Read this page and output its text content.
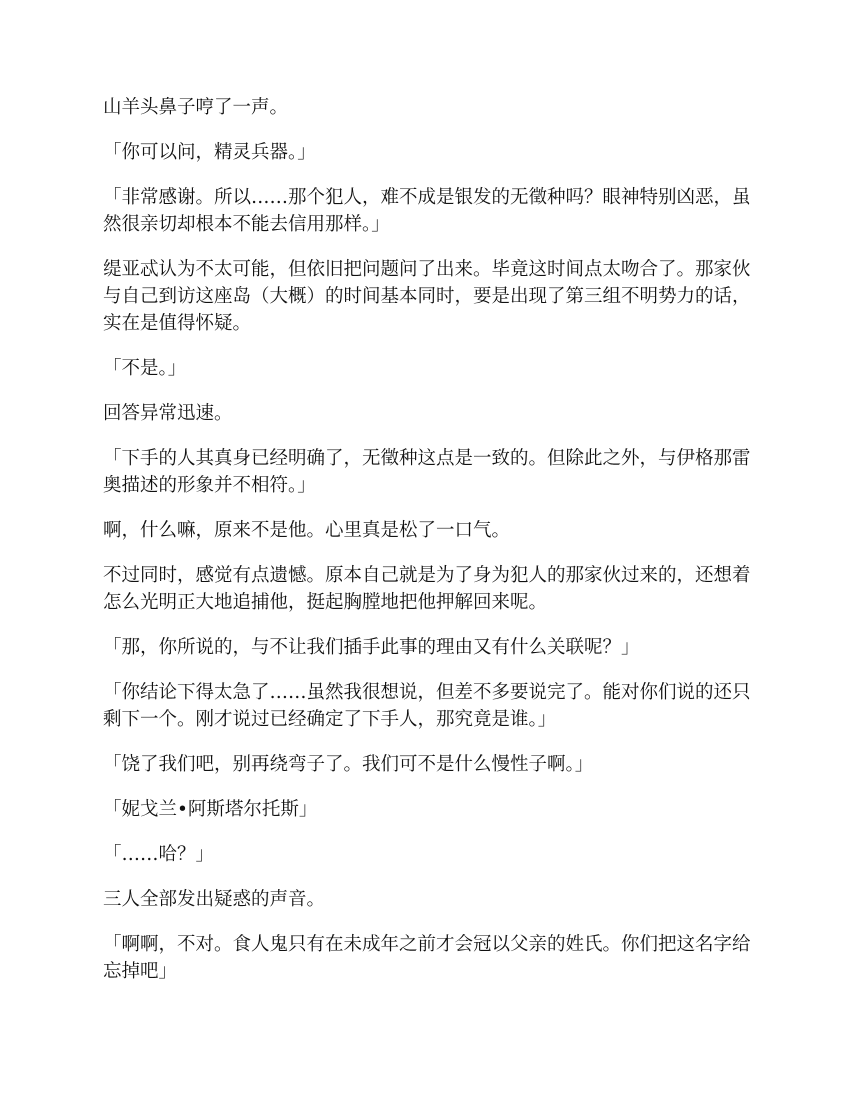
山羊头鼻子哼了一声。

「你可以问，精灵兵器。」

「非常感谢。所以……那个犯人，难不成是银发的无徵种吗？眼神特别凶恶，虽然很亲切却根本不能去信用那样。」

缇亚忒认为不太可能，但依旧把问题问了出来。毕竟这时间点太吻合了。那家伙与自己到访这座岛（大概）的时间基本同时，要是出现了第三组不明势力的话，实在是值得怀疑。

「不是。」

回答异常迅速。

「下手的人其真身已经明确了，无徵种这点是一致的。但除此之外，与伊格那雷奥描述的形象并不相符。」

啊，什么嘛，原来不是他。心里真是松了一口气。

不过同时，感觉有点遗憾。原本自己就是为了身为犯人的那家伙过来的，还想着怎么光明正大地追捕他，挺起胸膛地把他押解回来呢。

「那，你所说的，与不让我们插手此事的理由又有什么关联呢？」

「你结论下得太急了……虽然我很想说，但差不多要说完了。能对你们说的还只剩下一个。刚才说过已经确定了下手人，那究竟是谁。」

「饶了我们吧，别再绕弯子了。我们可不是什么慢性子啊。」

「妮戈兰•阿斯塔尔托斯」

「……哈？」

三人全部发出疑惑的声音。

「啊啊，不对。食人鬼只有在未成年之前才会冠以父亲的姓氏。你们把这名字给忘掉吧」
